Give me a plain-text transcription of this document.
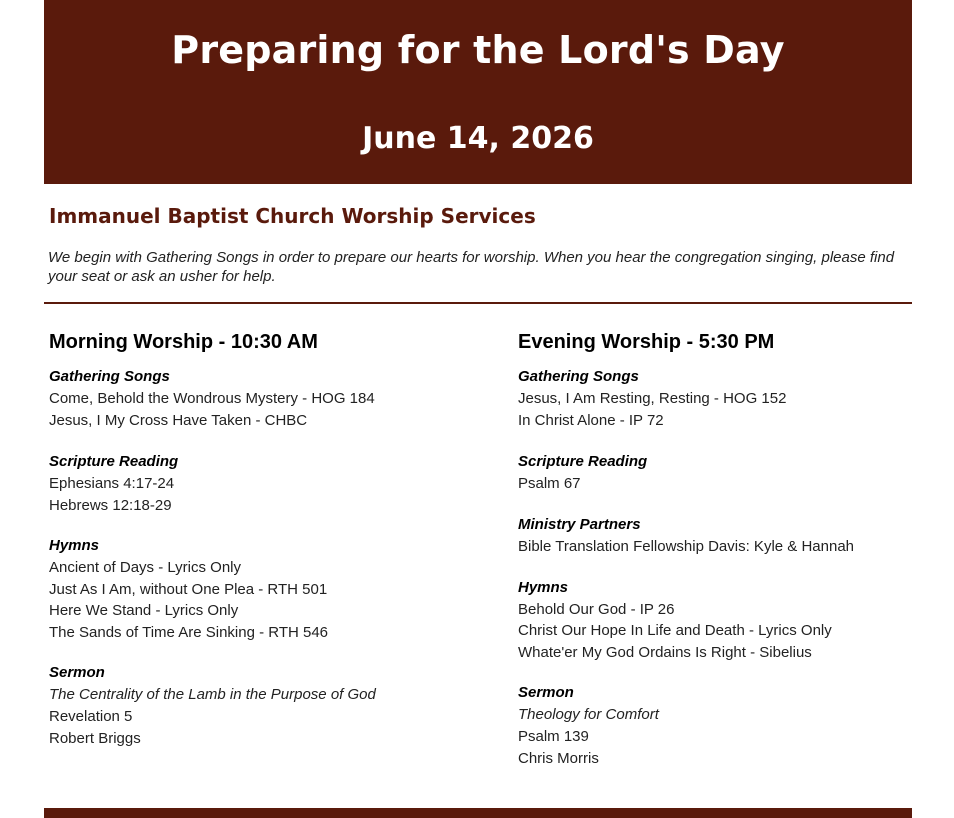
Preparing for the Lord's Day
June 14, 2026
Immanuel Baptist Church Worship Services
We begin with Gathering Songs in order to prepare our hearts for worship. When you hear the congregation singing, please find your seat or ask an usher for help.
Morning Worship - 10:30 AM
Gathering Songs
Come, Behold the Wondrous Mystery - HOG 184
Jesus, I My Cross Have Taken - CHBC
Scripture Reading
Ephesians 4:17-24
Hebrews 12:18-29
Hymns
Ancient of Days - Lyrics Only
Just As I Am, without One Plea - RTH 501
Here We Stand - Lyrics Only
The Sands of Time Are Sinking - RTH 546
Sermon
The Centrality of the Lamb in the Purpose of God
Revelation 5
Robert Briggs
Evening Worship - 5:30 PM
Gathering Songs
Jesus, I Am Resting, Resting - HOG 152
In Christ Alone - IP 72
Scripture Reading
Psalm 67
Ministry Partners
Bible Translation Fellowship Davis: Kyle & Hannah
Hymns
Behold Our God - IP 26
Christ Our Hope In Life and Death - Lyrics Only
Whate'er My God Ordains Is Right - Sibelius
Sermon
Theology for Comfort
Psalm 139
Chris Morris
